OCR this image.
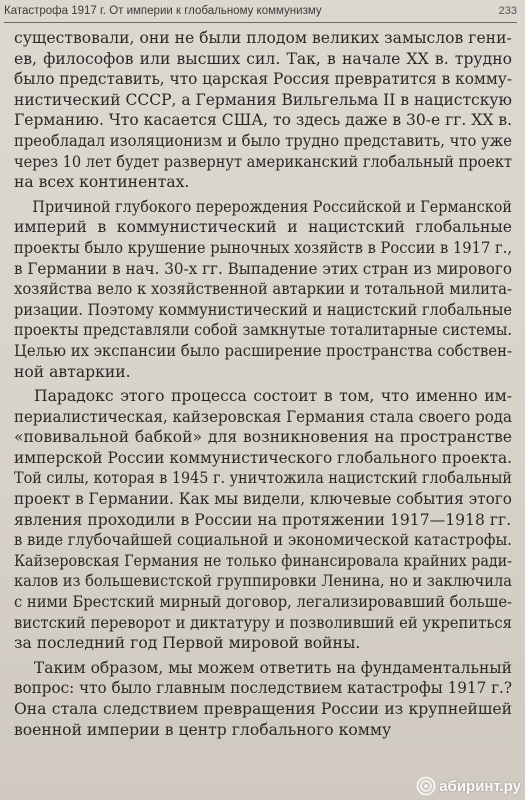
Катастрофа 1917 г. От империи к глобальному коммунизму	233
существовали, они не были плодом великих замыслов гени-
ев, философов или высших сил. Так, в начале XX в. трудно
было представить, что царская Россия превратится в комму-
нистический СССР, а Германия Вильгельма II в нацистскую
Германию. Что касается США, то здесь даже в 30-е гг. XX в.
преобладал изоляционизм и было трудно представить, что уже
через 10 лет будет развернут американский глобальный проект
на всех континентах.
Причиной глубокого перерождения Российской и Германской
империй в коммунистический и нацистский глобальные
проекты было крушение рыночных хозяйств в России в 1917 г.,
в Германии в нач. 30-х гг. Выпадение этих стран из мирового
хозяйства вело к хозяйственной автаркии и тотальной милита-
ризации. Поэтому коммунистический и нацистский глобальные
проекты представляли собой замкнутые тоталитарные системы.
Целью их экспансии было расширение пространства собствен-
ной автаркии.
Парадокс этого процесса состоит в том, что именно им-
периалистическая, кайзеровская Германия стала своего рода
«повивальной бабкой» для возникновения на пространстве
имперской России коммунистического глобального проекта.
Той силы, которая в 1945 г. уничтожила нацистский глобальный
проект в Германии. Как мы видели, ключевые события этого
явления проходили в России на протяжении 1917—1918 гг.
в виде глубочайшей социальной и экономической катастрофы.
Кайзеровская Германия не только финансировала крайних ради-
калов из большевистской группировки Ленина, но и заключила
с ними Брестский мирный договор, легализировавший больше-
вистский переворот и диктатуру и позволивший ей укрепиться
за последний год Первой мировой войны.
Таким образом, мы можем ответить на фундаментальный
вопрос: что было главным последствием катастрофы 1917 г.?
Она стала следствием превращения России из крупнейшей
военной империи в центр глобального комму
абиринт.ру
